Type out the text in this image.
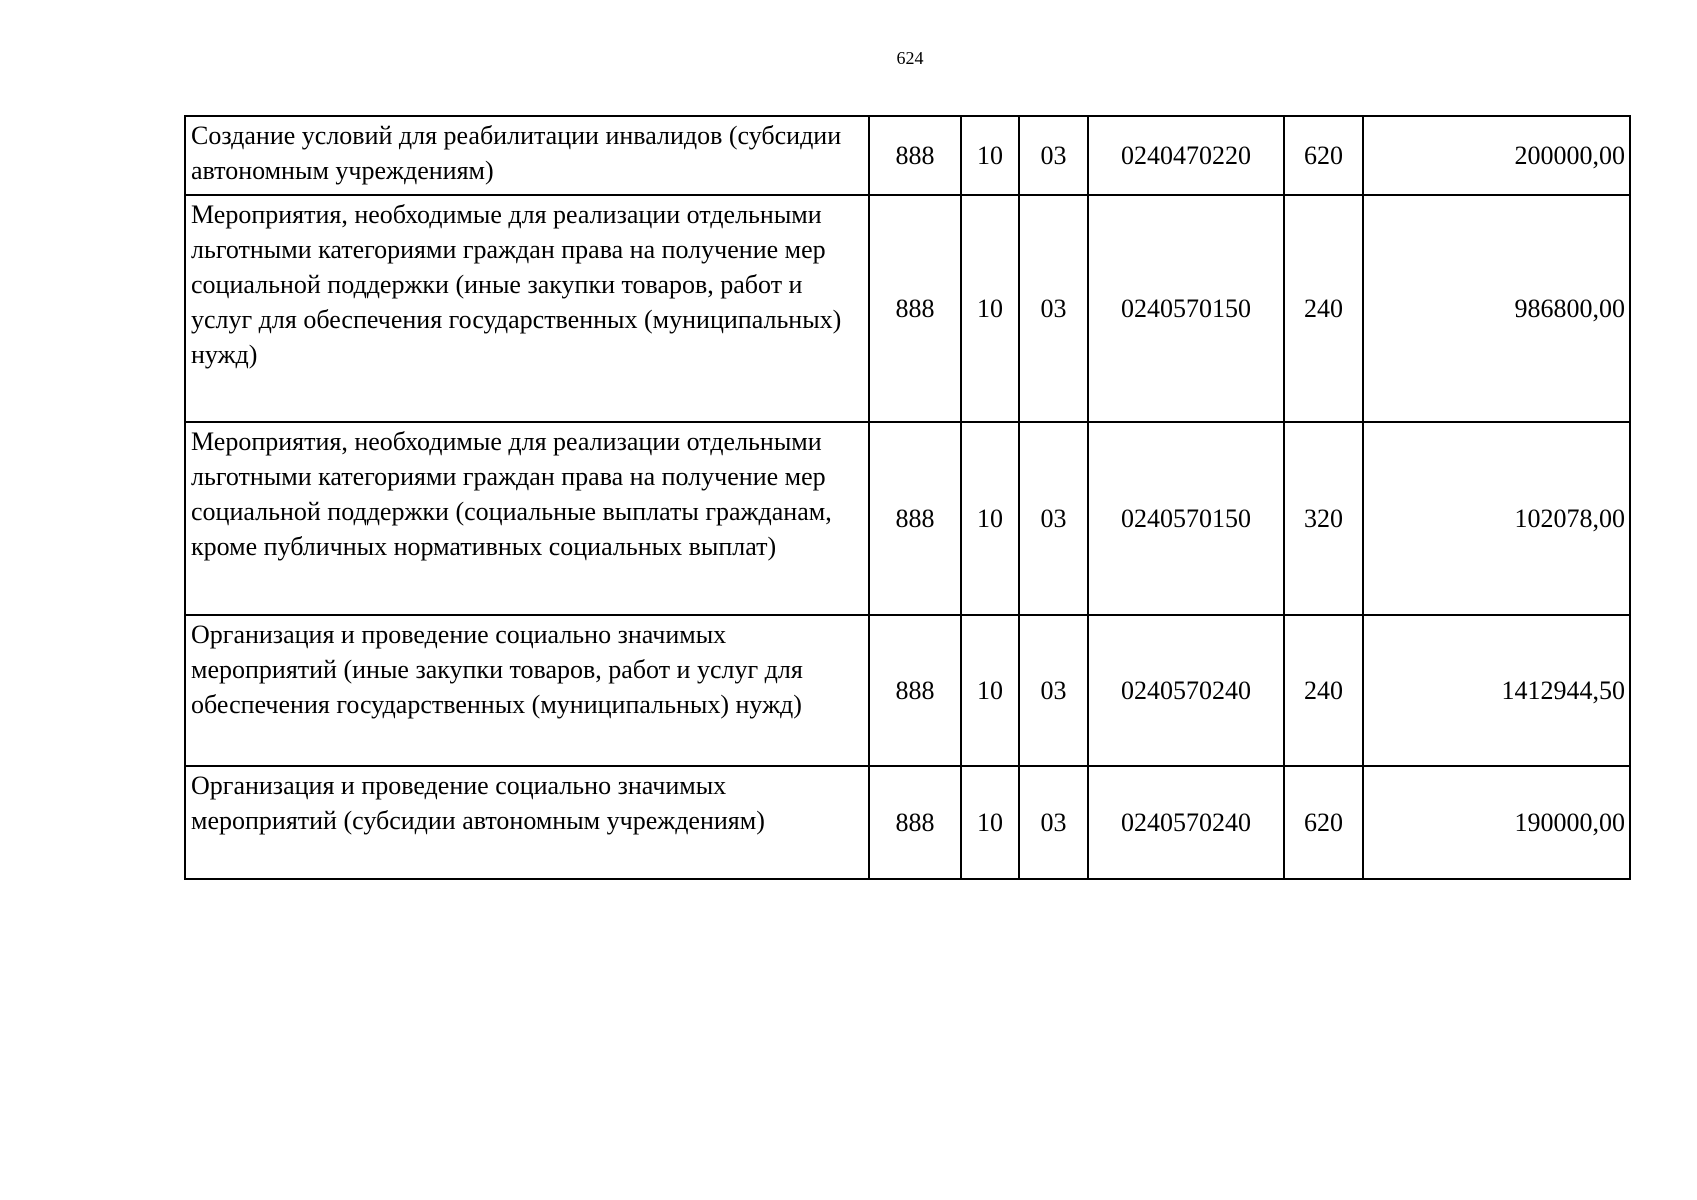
624
Создание условий для реабилитации инвалидов (субсидии автономным учреждениям)	888	10	03	0240470220	620	200000,00
Мероприятия, необходимые для реализации отдельными льготными категориями граждан права на получение мер социальной поддержки (иные закупки товаров, работ и услуг для обеспечения государственных (муниципальных) нужд)	888	10	03	0240570150	240	986800,00
Мероприятия, необходимые для реализации отдельными льготными категориями граждан права на получение мер социальной поддержки (социальные выплаты гражданам, кроме публичных нормативных социальных выплат)	888	10	03	0240570150	320	102078,00
Организация и проведение социально значимых мероприятий (иные закупки товаров, работ и услуг для обеспечения государственных (муниципальных) нужд)	888	10	03	0240570240	240	1412944,50
Организация и проведение социально значимых мероприятий (субсидии автономным учреждениям)	888	10	03	0240570240	620	190000,00
